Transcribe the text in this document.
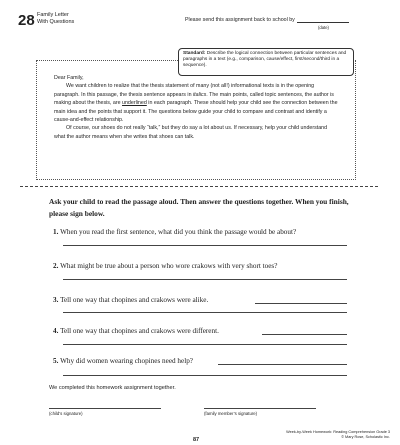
28 Family Letter
With Questions	Please send this assignment back to school by
(date)
Standard: Describe the logical connection between particular sentences and paragraphs in a text (e.g., comparison, cause/effect, first/second/third in a sequence).

Dear Family,

We want children to realize that the thesis statement of many (not all!) informational texts is in the opening paragraph. In this passage, the thesis sentence appears in italics. The main points, called topic sentences, the author is making about the thesis, are underlined in each paragraph. These should help your child see the connection between the main idea and the points that support it. The questions below guide your child to compare and contrast and identify a cause-and-effect relationship.

Of course, our shoes do not really “talk,” but they do say a lot about us. If necessary, help your child understand what the author means when she writes that shoes can talk.

Ask your child to read the passage aloud. Then answer the questions together. When you finish, please sign below.
1. When you read the first sentence, what did you think the passage would be about?
2. What might be true about a person who wore crakows with very short toes?
3. Tell one way that chopines and crakows were alike.
4. Tell one way that chopines and crakows were different.
5. Why did women wearing chopines need help?
We completed this homework assignment together.
(child’s signature)	(family member’s signature)
87
Week-by-Week Homework: Reading Comprehension Grade 3
© Mary Rose, Scholastic Inc.
